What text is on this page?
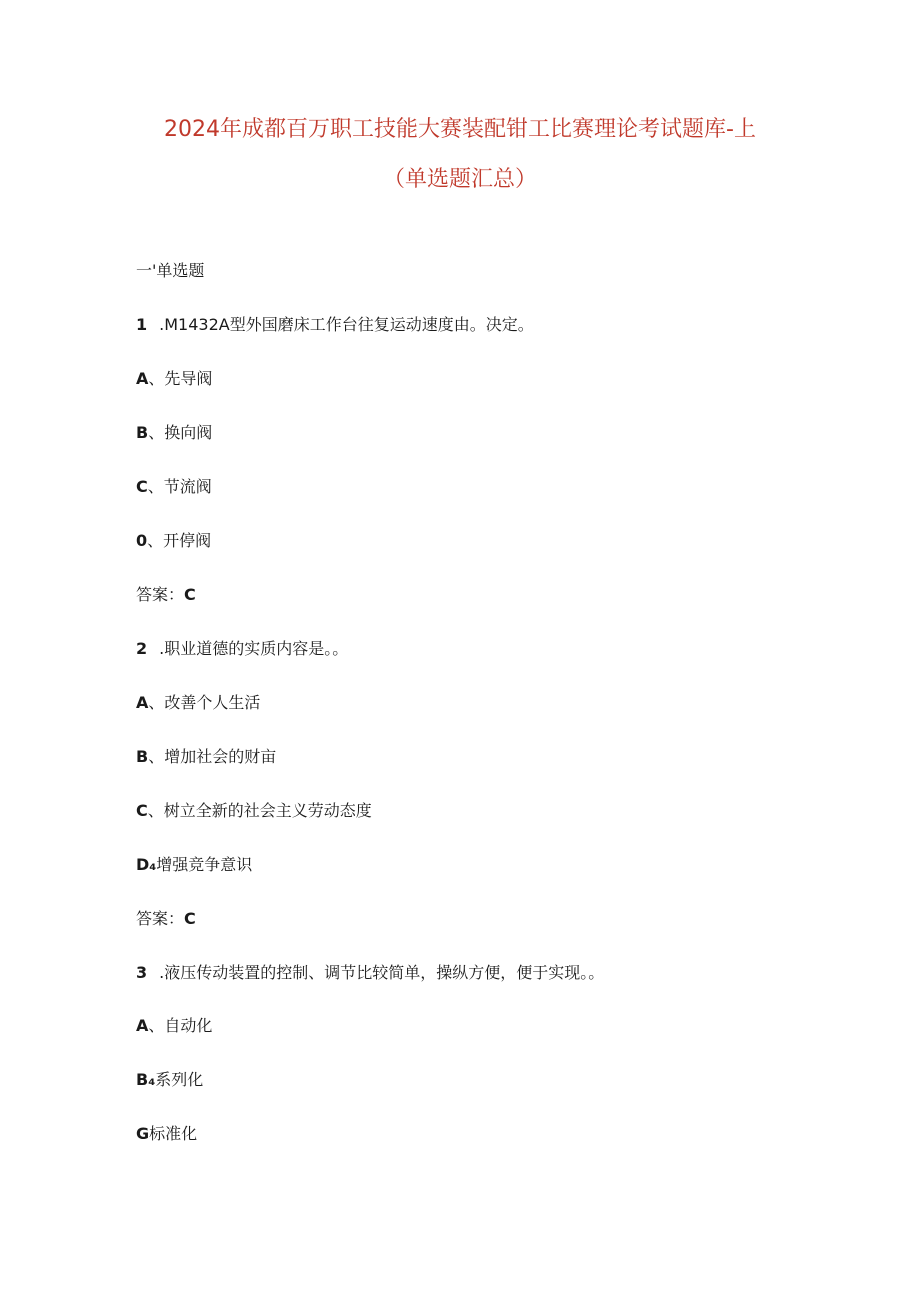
2024年成都百万职工技能大赛装配钳工比赛理论考试题库-上
（单选题汇总）
一'单选题
1 .M1432A型外国磨床工作台往复运动速度由。决定。
A、先导阀
B、换向阀
C、节流阀
0、开停阀
答案：C
2 .职业道德的实质内容是。。
A、改善个人生活
B、增加社会的财亩
C、树立全新的社会主义劳动态度
D₄增强竞争意识
答案：C
3 .液压传动装置的控制、调节比较简单，操纵方便，便于实现。。
A、自动化
B₄系列化
G标准化
